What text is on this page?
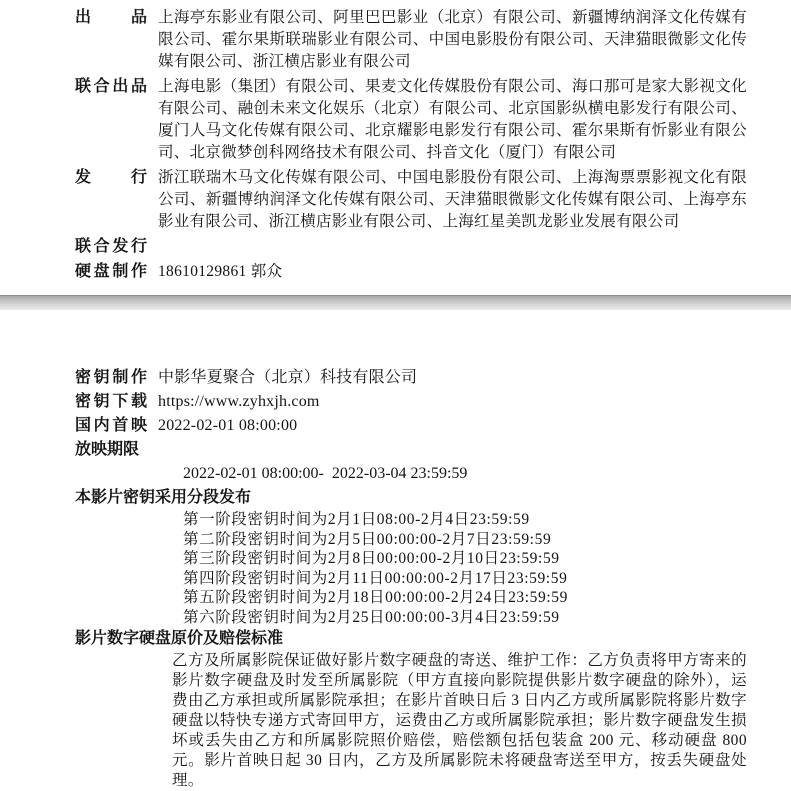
出品 上海亭东影业有限公司、阿里巴巴影业（北京）有限公司、新疆博纳润泽文化传媒有限公司、霍尔果斯联瑞影业有限公司、中国电影股份有限公司、天津猫眼微影文化传媒有限公司、浙江横店影业有限公司
联合出品 上海电影（集团）有限公司、果麦文化传媒股份有限公司、海口那可是家大影视文化有限公司、融创未来文化娱乐（北京）有限公司、北京国影纵横电影发行有限公司、厦门人马文化传媒有限公司、北京耀影电影发行有限公司、霍尔果斯有忻影业有限公司、北京微梦创科网络技术有限公司、抖音文化（厦门）有限公司
发行 浙江联瑞木马文化传媒有限公司、中国电影股份有限公司、上海淘票票影视文化有限公司、新疆博纳润泽文化传媒有限公司、天津猫眼微影文化传媒有限公司、上海亭东影业有限公司、浙江横店影业有限公司、上海红星美凯龙影业发展有限公司
联合发行
硬盘制作 18610129861 郭众
密钥制作 中影华夏聚合（北京）科技有限公司
密钥下载 https://www.zyhxjh.com
国内首映 2022-02-01 08:00:00
放映期限
2022-02-01 08:00:00-  2022-03-04 23:59:59
本影片密钥采用分段发布
第一阶段密钥时间为2月1日08:00-2月4日23:59:59
第二阶段密钥时间为2月5日00:00:00-2月7日23:59:59
第三阶段密钥时间为2月8日00:00:00-2月10日23:59:59
第四阶段密钥时间为2月11日00:00:00-2月17日23:59:59
第五阶段密钥时间为2月18日00:00:00-2月24日23:59:59
第六阶段密钥时间为2月25日00:00:00-3月4日23:59:59
影片数字硬盘原价及赔偿标准
乙方及所属影院保证做好影片数字硬盘的寄送、维护工作：乙方负责将甲方寄来的影片数字硬盘及时发至所属影院（甲方直接向影院提供影片数字硬盘的除外），运费由乙方承担或所属影院承担；在影片首映日后 3 日内乙方或所属影院将影片数字硬盘以特快专递方式寄回甲方，运费由乙方或所属影院承担；影片数字硬盘发生损坏或丢失由乙方和所属影院照价赔偿，赔偿额包括包装盒 200 元、移动硬盘 800 元。影片首映日起 30 日内，乙方及所属影院未将硬盘寄送至甲方，按丢失硬盘处理。
